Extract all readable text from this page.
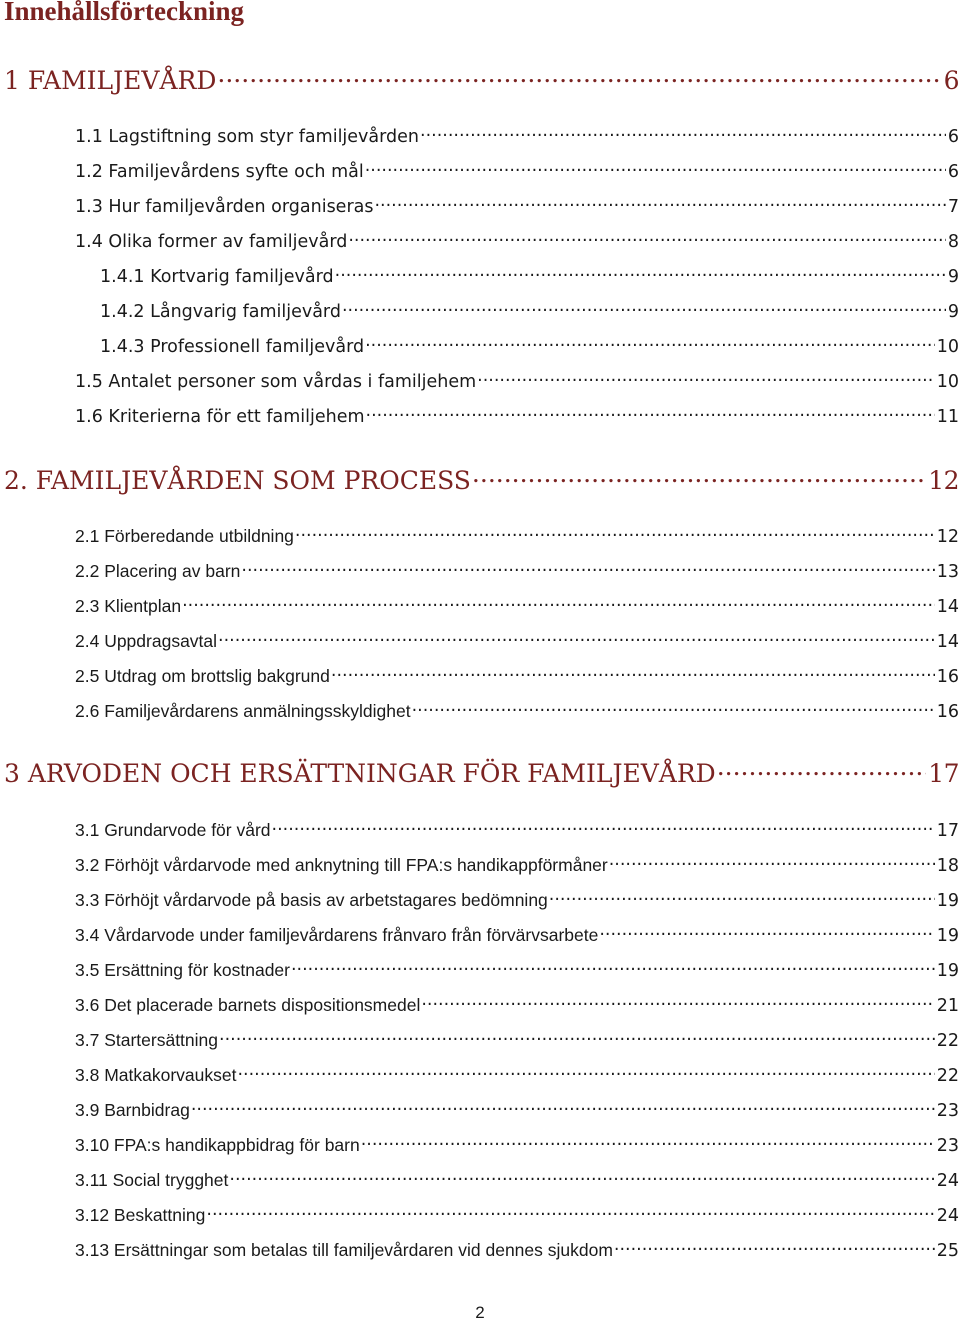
Innehållsförteckning
1 FAMILJEVÅRD .....	6
1.1 Lagstiftning som styr familjevården .....	6
1.2 Familjevårdens syfte och mål .....	6
1.3 Hur familjevården organiseras .....	7
1.4 Olika former av familjevård .....	8
1.4.1 Kortvarig familjevård .....	9
1.4.2 Långvarig familjevård .....	9
1.4.3 Professionell familjevård .....	10
1.5 Antalet personer som vårdas i familjehem .....	10
1.6 Kriterierna för ett familjehem .....	11
2. FAMILJEVÅRDEN SOM PROCESS .....	12
2.1 Förberedande utbildning .....	12
2.2 Placering av barn .....	13
2.3 Klientplan .....	14
2.4 Uppdragsavtal .....	14
2.5 Utdrag om brottslig bakgrund .....	16
2.6 Familjevårdarens anmälningsskyldighet .....	16
3 ARVODEN OCH ERSÄTTNINGAR FÖR FAMILJEVÅRD .....	17
3.1 Grundarvode för vård .....	17
3.2 Förhöjt vårdarvode med anknytning till FPA:s handikappförmåner .....	18
3.3 Förhöjt vårdarvode på basis av arbetstagares bedömning .....	19
3.4 Vårdarvode under familjevårdarens frånvaro från förvärvsarbete .....	19
3.5 Ersättning för kostnader .....	19
3.6 Det placerade barnets dispositionsmedel .....	21
3.7 Startersättning .....	22
3.8 Matkakorvaukset .....	22
3.9 Barnbidrag .....	23
3.10 FPA:s handikappbidrag för barn .....	23
3.11 Social trygghet .....	24
3.12 Beskattning .....	24
3.13 Ersättningar som betalas till familjevårdaren vid dennes sjukdom .....	25
2
